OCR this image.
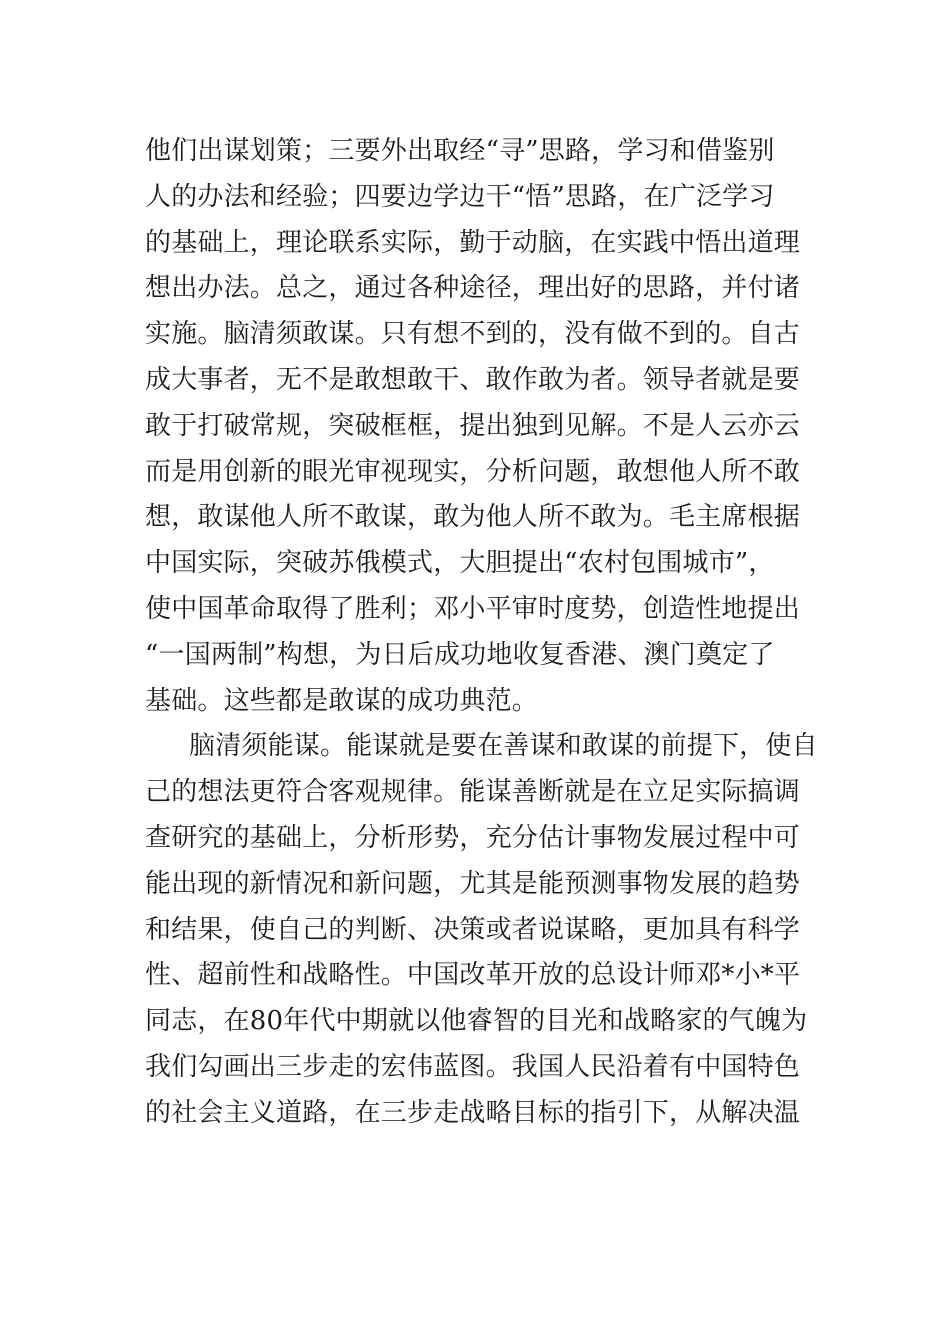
他们出谋划策；三要外出取经“寻”思路，学习和借鉴别
人的办法和经验；四要边学边干“悟”思路，在广泛学习
的基础上，理论联系实际，勤于动脑，在实践中悟出道理
想出办法。总之，通过各种途径，理出好的思路，并付诸
实施。脑清须敢谋。只有想不到的，没有做不到的。自古
成大事者，无不是敢想敢干、敢作敢为者。领导者就是要
敢于打破常规，突破框框，提出独到见解。不是人云亦云
而是用创新的眼光审视现实，分析问题，敢想他人所不敢
想，敢谋他人所不敢谋，敢为他人所不敢为。毛主席根据
中国实际，突破苏俄模式，大胆提出“农村包围城市”，
使中国革命取得了胜利；邓小平审时度势，创造性地提出
“一国两制”构想，为日后成功地收复香港、澳门奠定了
基础。这些都是敢谋的成功典范。
脑清须能谋。能谋就是要在善谋和敢谋的前提下，使自
己的想法更符合客观规律。能谋善断就是在立足实际搞调
查研究的基础上，分析形势，充分估计事物发展过程中可
能出现的新情况和新问题，尤其是能预测事物发展的趋势
和结果，使自己的判断、决策或者说谋略，更加具有科学
性、超前性和战略性。中国改革开放的总设计师邓*小*平
同志，在80年代中期就以他睿智的目光和战略家的气魄为
我们勾画出三步走的宏伟蓝图。我国人民沿着有中国特色
的社会主义道路，在三步走战略目标的指引下，从解决温
